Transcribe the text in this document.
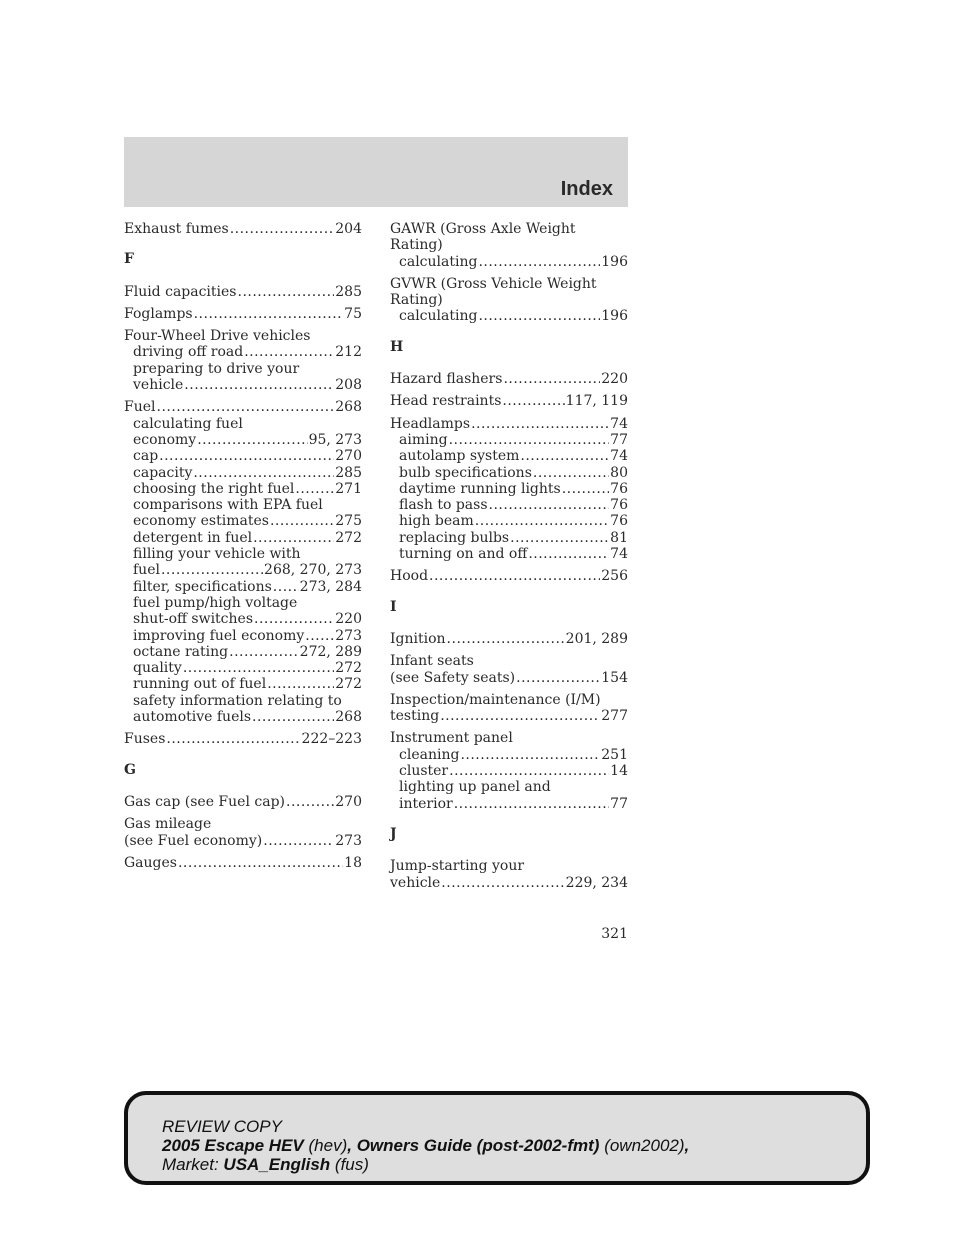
Index
Exhaust fumes .....	204
F
Fluid capacities .....	285
Foglamps .....	75
Four-Wheel Drive vehicles
driving off road .....	212
preparing to drive your
vehicle .....	208
Fuel .....	268
calculating fuel
economy .....	95, 273
cap .....	270
capacity .....	285
choosing the right fuel .....	271
comparisons with EPA fuel
economy estimates .....	275
detergent in fuel .....	272
filling your vehicle with
fuel .....	268, 270, 273
filter, specifications ..... 273, 284
fuel pump/high voltage
shut-off switches .....	220
improving fuel economy ..... 273
octane rating .....	272, 289
quality .....	272
running out of fuel .....	272
safety information relating to
automotive fuels .....	268
Fuses .....	222–223
G
Gas cap (see Fuel cap) .....	270
Gas mileage
(see Fuel economy) .....	273
Gauges .....	18
GAWR (Gross Axle Weight
Rating)
calculating .....	196
GVWR (Gross Vehicle Weight
Rating)
calculating .....	196
H
Hazard flashers .....	220
Head restraints .....	117, 119
Headlamps .....	74
aiming .....	77
autolamp system .....	74
bulb specifications .....	80
daytime running lights .....	76
flash to pass .....	76
high beam .....	76
replacing bulbs .....	81
turning on and off .....	74
Hood .....	256
I
Ignition .....	201, 289
Infant seats
(see Safety seats) .....	154
Inspection/maintenance (I/M)
testing .....	277
Instrument panel
cleaning .....	251
cluster .....	14
lighting up panel and
interior .....	77
J
Jump-starting your
vehicle .....	229, 234
321
REVIEW COPY
2005 Escape HEV (hev), Owners Guide (post-2002-fmt) (own2002),
Market: USA_English (fus)
